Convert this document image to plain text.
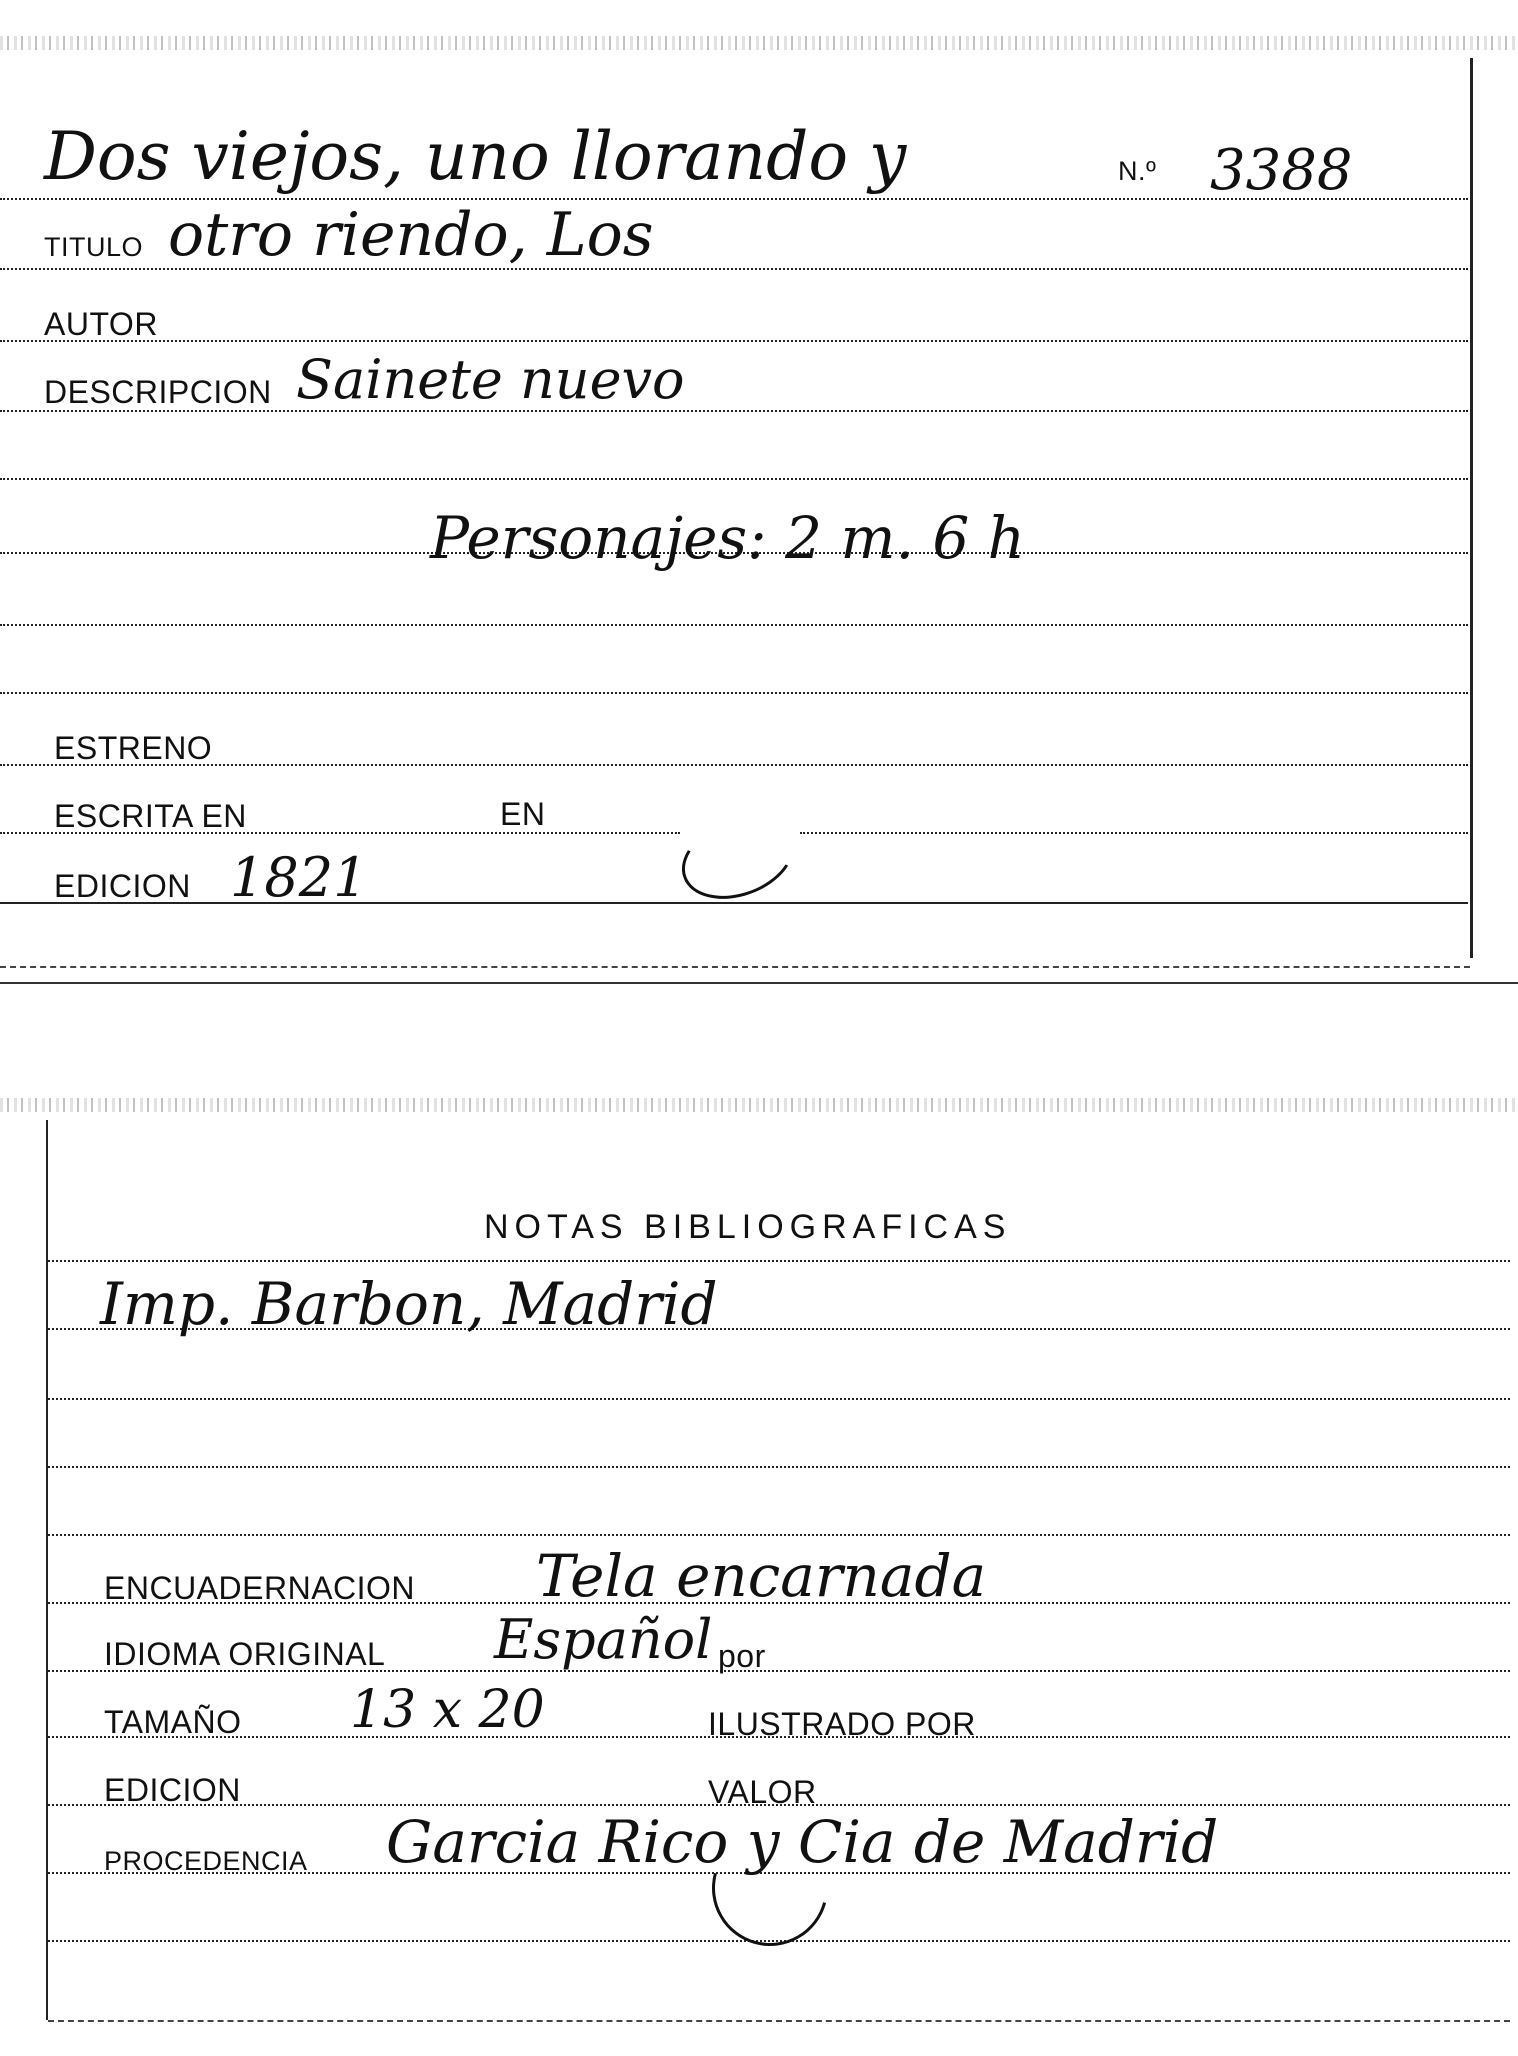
Dos viejos, uno llorando y	N.º 3388
TITULO otro riendo, Los
AUTOR
DESCRIPCION Sainete nuevo
Personajes: 2 m. 6 h
ESTRENO
ESCRITA EN	EN
EDICION 1821
NOTAS BIBLIOGRAFICAS
Imp. Barbon, Madrid
ENCUADERNACION Tela encarnada
IDIOMA ORIGINAL Español por
TAMAÑO 13 x 20	ILUSTRADO POR
EDICION	VALOR
PROCEDENCIA Garcia Rico y Cia de Madrid
